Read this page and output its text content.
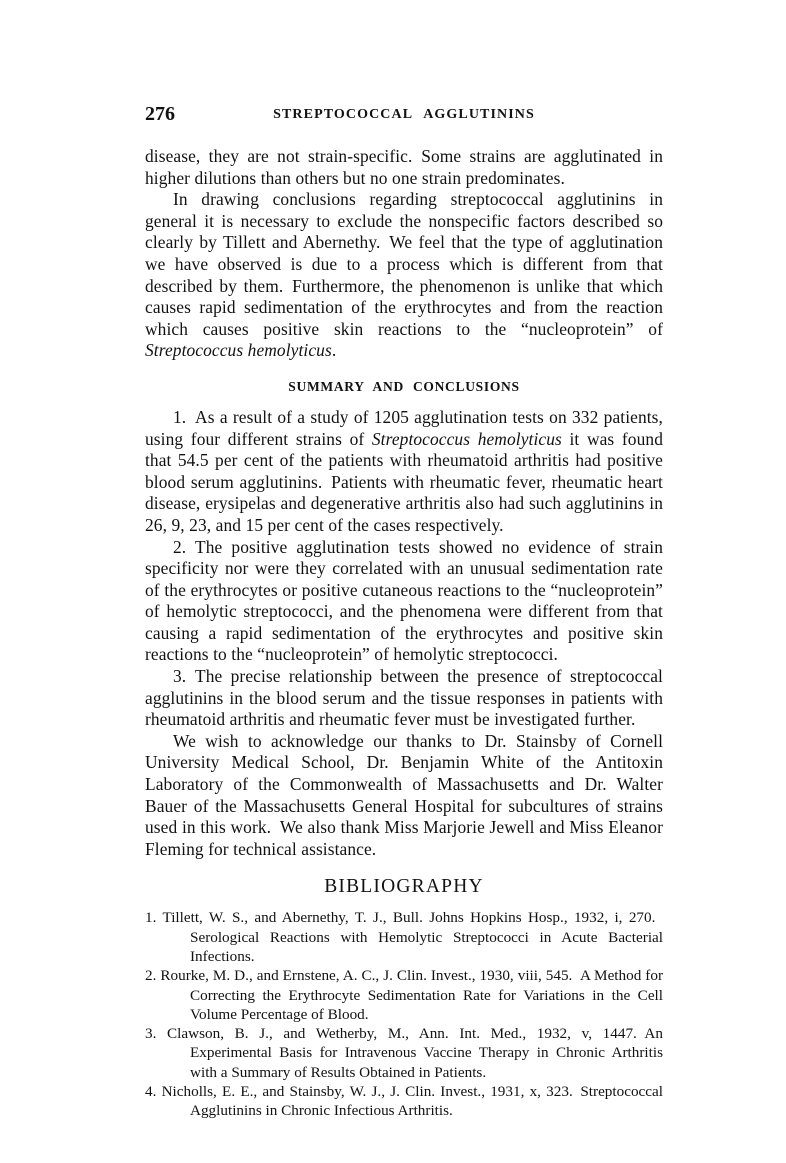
276	STREPTOCOCCAL AGGLUTININS

disease, they are not strain-specific. Some strains are agglutinated in higher dilutions than others but no one strain predominates.

In drawing conclusions regarding streptococcal agglutinins in general it is necessary to exclude the nonspecific factors described so clearly by Tillett and Abernethy. We feel that the type of agglutination we have observed is due to a process which is different from that described by them. Furthermore, the phenomenon is unlike that which causes rapid sedimentation of the erythrocytes and from the reaction which causes positive skin reactions to the “nucleoprotein” of Streptococcus hemolyticus.

SUMMARY AND CONCLUSIONS

1. As a result of a study of 1205 agglutination tests on 332 patients, using four different strains of Streptococcus hemolyticus it was found that 54.5 per cent of the patients with rheumatoid arthritis had positive blood serum agglutinins. Patients with rheumatic fever, rheumatic heart disease, erysipelas and degenerative arthritis also had such agglutinins in 26, 9, 23, and 15 per cent of the cases respectively.

2. The positive agglutination tests showed no evidence of strain specificity nor were they correlated with an unusual sedimentation rate of the erythrocytes or positive cutaneous reactions to the “nucleoprotein” of hemolytic streptococci, and the phenomena were different from that causing a rapid sedimentation of the erythrocytes and positive skin reactions to the “nucleoprotein” of hemolytic streptococci.

3. The precise relationship between the presence of streptococcal agglutinins in the blood serum and the tissue responses in patients with rheumatoid arthritis and rheumatic fever must be investigated further.

We wish to acknowledge our thanks to Dr. Stainsby of Cornell University Medical School, Dr. Benjamin White of the Antitoxin Laboratory of the Commonwealth of Massachusetts and Dr. Walter Bauer of the Massachusetts General Hospital for subcultures of strains used in this work. We also thank Miss Marjorie Jewell and Miss Eleanor Fleming for technical assistance.

BIBLIOGRAPHY

1. Tillett, W. S., and Abernethy, T. J., Bull. Johns Hopkins Hosp., 1932, i, 270. Serological Reactions with Hemolytic Streptococci in Acute Bacterial Infections.

2. Rourke, M. D., and Ernstene, A. C., J. Clin. Invest., 1930, viii, 545. A Method for Correcting the Erythrocyte Sedimentation Rate for Variations in the Cell Volume Percentage of Blood.

3. Clawson, B. J., and Wetherby, M., Ann. Int. Med., 1932, v, 1447. An Experimental Basis for Intravenous Vaccine Therapy in Chronic Arthritis with a Summary of Results Obtained in Patients.

4. Nicholls, E. E., and Stainsby, W. J., J. Clin. Invest., 1931, x, 323. Streptococcal Agglutinins in Chronic Infectious Arthritis.
